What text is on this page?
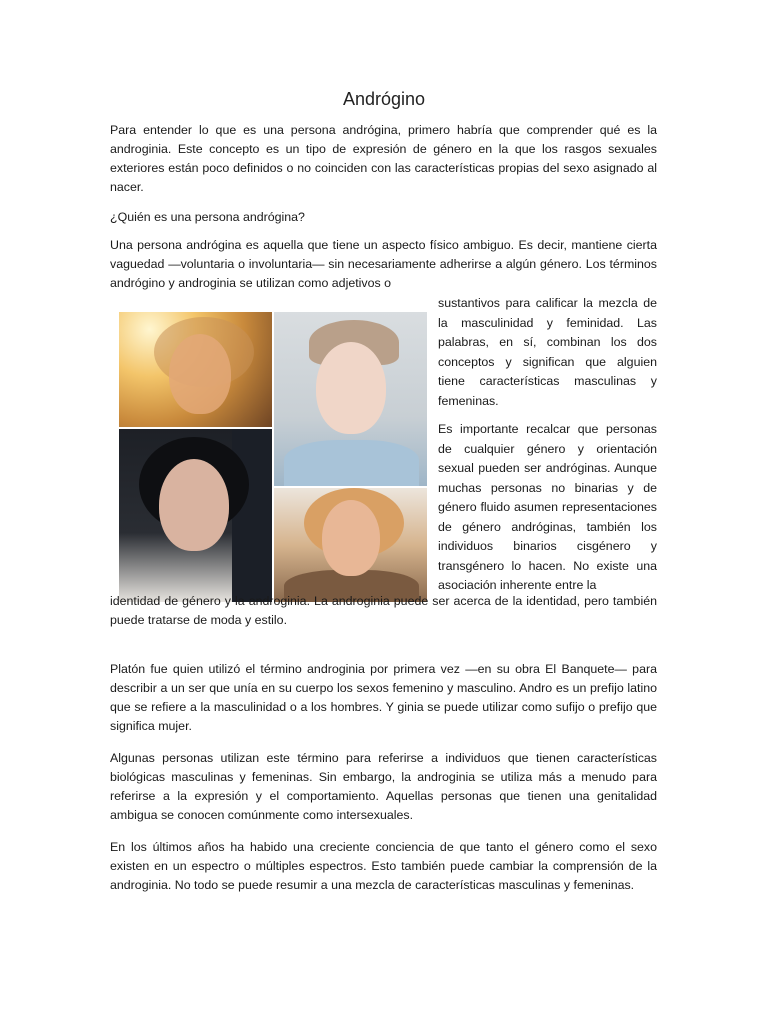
Andrógino

Para entender lo que es una persona andrógina, primero habría que comprender qué es la androginia. Este concepto es un tipo de expresión de género en la que los rasgos sexuales exteriores están poco definidos o no coinciden con las características propias del sexo asignado al nacer.

¿Quién es una persona andrógina?

Una persona andrógina es aquella que tiene un aspecto físico ambiguo. Es decir, mantiene cierta vaguedad —voluntaria o involuntaria— sin necesariamente adherirse a algún género. Los términos andrógino y androginia se utilizan como adjetivos o

sustantivos para calificar la mezcla de la masculinidad y feminidad. Las palabras, en sí, combinan los dos conceptos y significan que alguien tiene características masculinas y femeninas.

Es importante recalcar que personas de cualquier género y orientación sexual pueden ser andróginas. Aunque muchas personas no binarias y de género fluido asumen representaciones de género andróginas, también los individuos binarios cisgénero y transgénero lo hacen. No existe una asociación inherente entre la

identidad de género y la androginia. La androginia puede ser acerca de la identidad, pero también puede tratarse de moda y estilo.

Platón fue quien utilizó el término androginia por primera vez —en su obra El Banquete— para describir a un ser que unía en su cuerpo los sexos femenino y masculino. Andro es un prefijo latino que se refiere a la masculinidad o a los hombres. Y ginia se puede utilizar como sufijo o prefijo que significa mujer.

Algunas personas utilizan este término para referirse a individuos que tienen características biológicas masculinas y femeninas. Sin embargo, la androginia se utiliza más a menudo para referirse a la expresión y el comportamiento. Aquellas personas que tienen una genitalidad ambigua se conocen comúnmente como intersexuales.

En los últimos años ha habido una creciente conciencia de que tanto el género como el sexo existen en un espectro o múltiples espectros. Esto también puede cambiar la comprensión de la androginia. No todo se puede resumir a una mezcla de características masculinas y femeninas.
